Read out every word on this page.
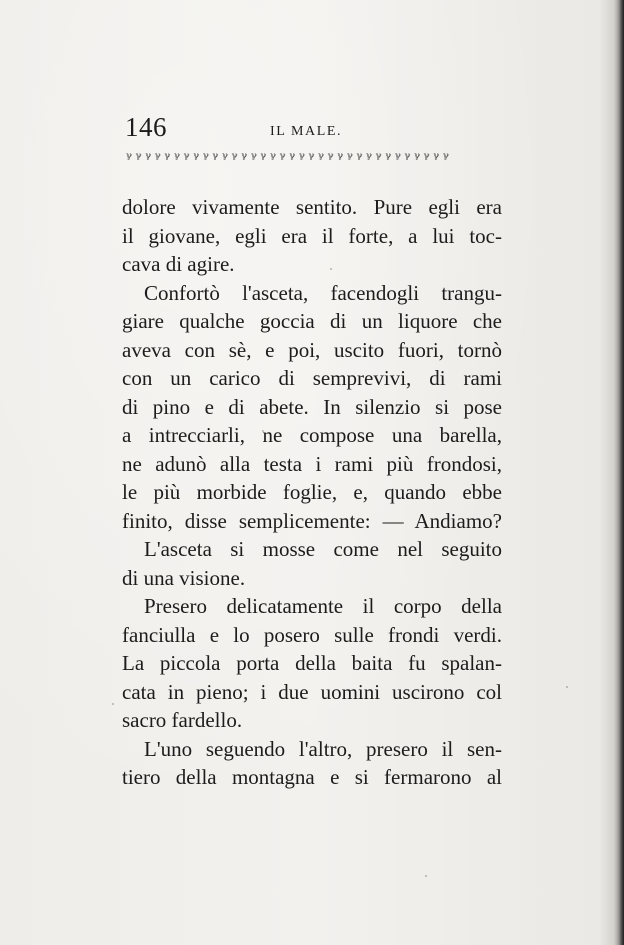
146	IL MALE.
ℽ ℽ ℽ ℽ ℽ ℽ ℽ ℽ ℽ ℽ ℽ ℽ ℽ ℽ ℽ ℽ ℽ ℽ ℽ ℽ ℽ ℽ ℽ ℽ ℽ ℽ ℽ ℽ ℽ ℽ ℽ ℽ ℽ ℽ
dolore vivamente sentito. Pure egli era
il giovane, egli era il forte, a lui toc-
cava di agire.
Confortò l'asceta, facendogli trangu-
giare qualche goccia di un liquore che
aveva con sè, e poi, uscito fuori, tornò
con un carico di semprevivi, di rami
di pino e di abete. In silenzio si pose
a intrecciarli, ne compose una barella,
ne adunò alla testa i rami più frondosi,
le più morbide foglie, e, quando ebbe
finito, disse semplicemente: — Andiamo?
L'asceta si mosse come nel seguito
di una visione.
Presero delicatamente il corpo della
fanciulla e lo posero sulle frondi verdi.
La piccola porta della baita fu spalan-
cata in pieno; i due uomini uscirono col
sacro fardello.
L'uno seguendo l'altro, presero il sen-
tiero della montagna e si fermarono al
